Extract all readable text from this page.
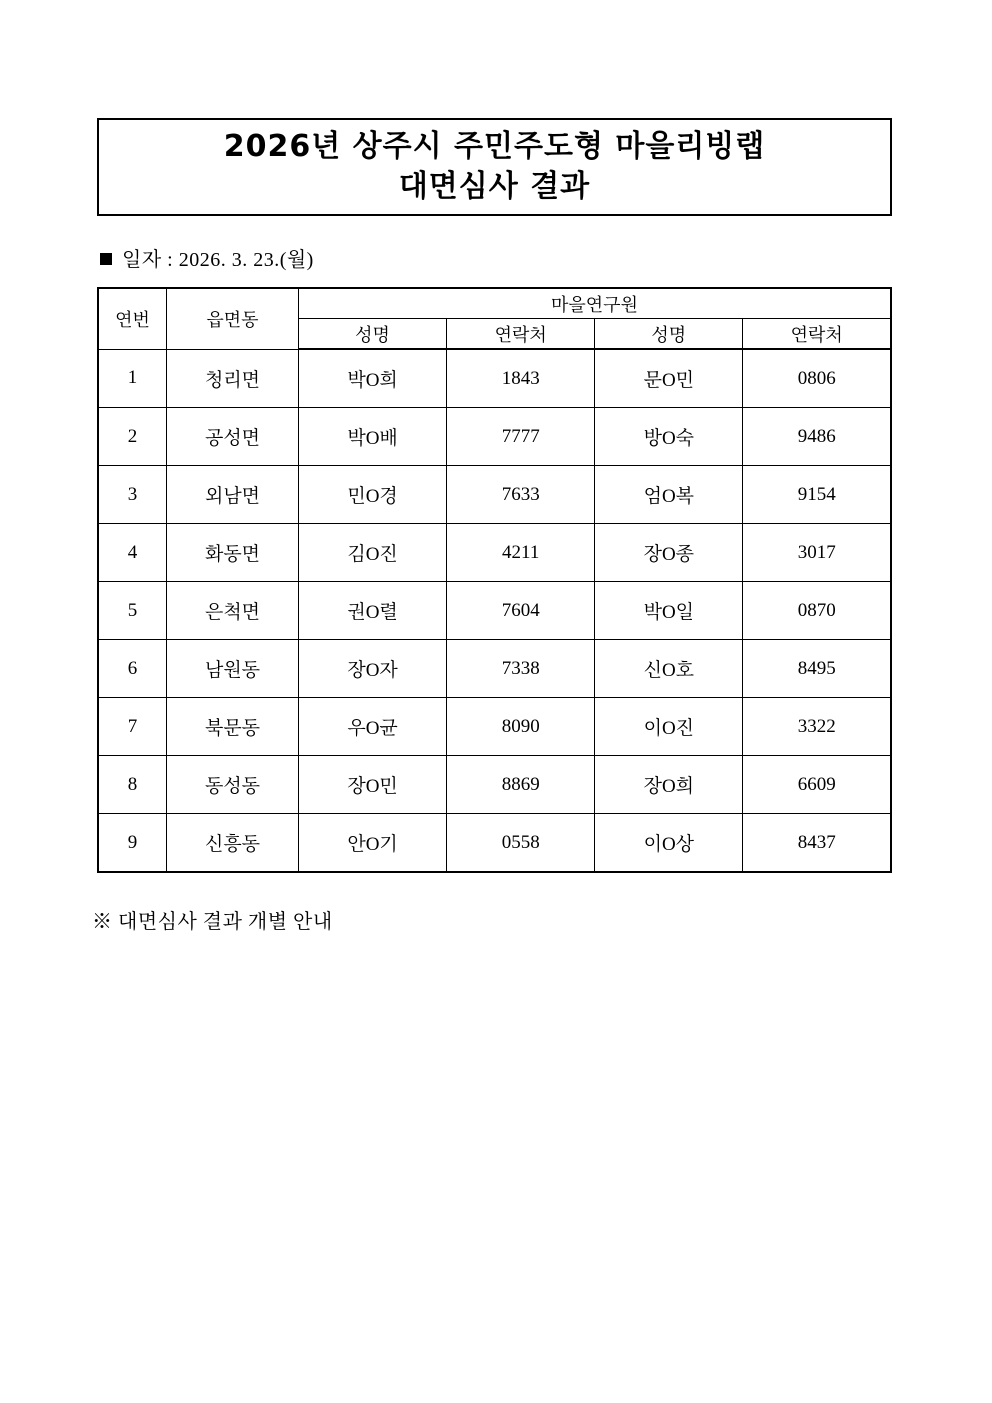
2026년 상주시 주민주도형 마을리빙랩
대면심사 결과
일자 : 2026. 3. 23.(월)
연번	읍면동	마을연구원			
		성명	연락처	성명	연락처
1	청리면	박O희	1843	문O민	0806
2	공성면	박O배	7777	방O숙	9486
3	외남면	민O경	7633	엄O복	9154
4	화동면	김O진	4211	장O종	3017
5	은척면	권O렬	7604	박O일	0870
6	남원동	장O자	7338	신O호	8495
7	북문동	우O균	8090	이O진	3322
8	동성동	장O민	8869	장O희	6609
9	신흥동	안O기	0558	이O상	8437
※ 대면심사 결과 개별 안내
